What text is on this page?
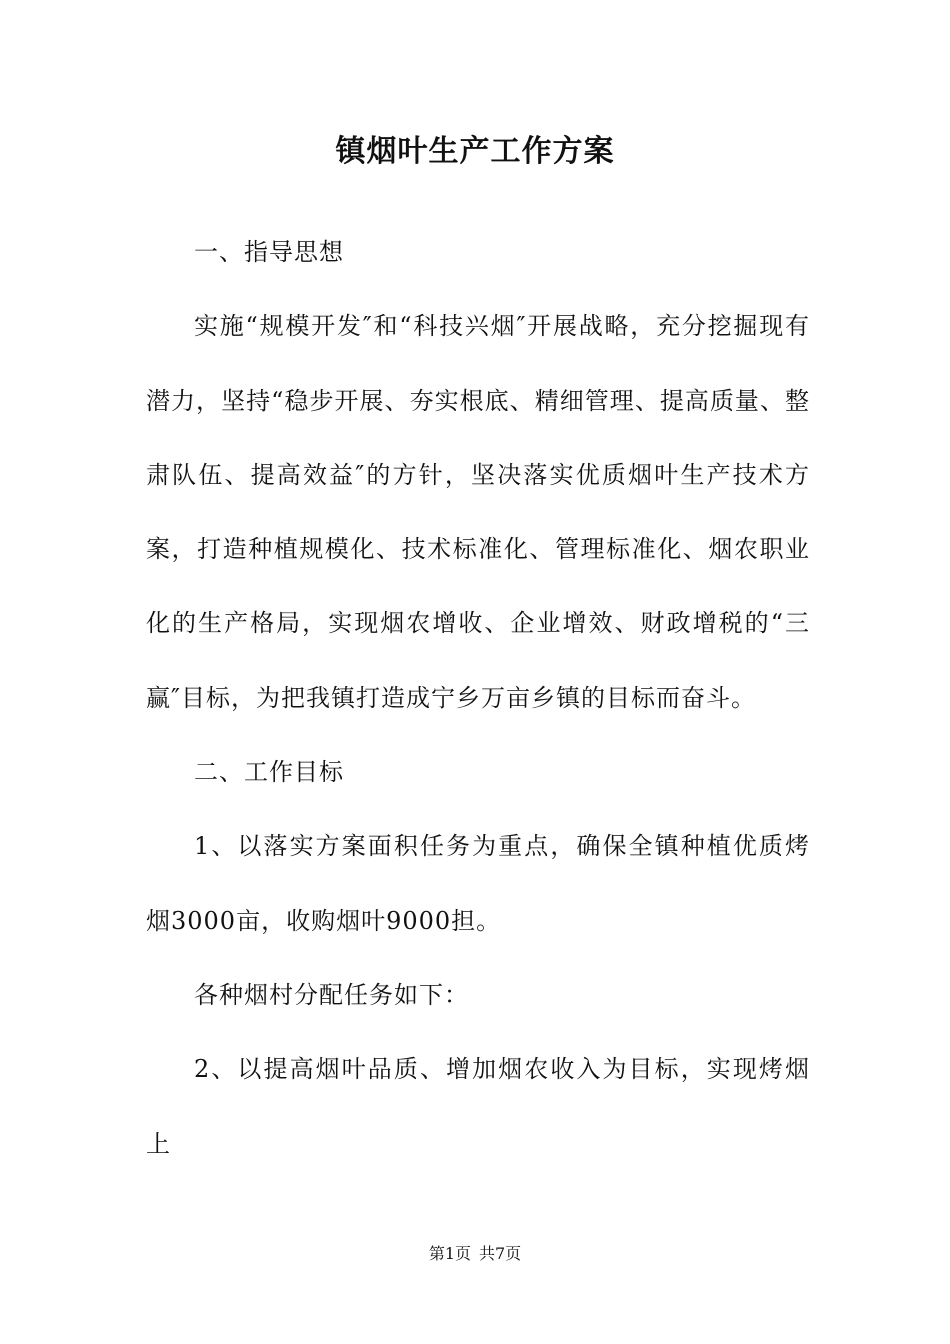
镇烟叶生产工作方案

一、指导思想

实施“规模开发″和“科技兴烟″开展战略，充分挖掘现有潜力，坚持“稳步开展、夯实根底、精细管理、提高质量、整肃队伍、提高效益″的方针，坚决落实优质烟叶生产技术方案，打造种植规模化、技术标准化、管理标准化、烟农职业化的生产格局，实现烟农增收、企业增效、财政增税的“三赢″目标，为把我镇打造成宁乡万亩乡镇的目标而奋斗。

二、工作目标

1、以落实方案面积任务为重点，确保全镇种植优质烤烟3000亩，收购烟叶9000担。

各种烟村分配任务如下：

2、以提高烟叶品质、增加烟农收入为目标，实现烤烟上

第1页 共7页
